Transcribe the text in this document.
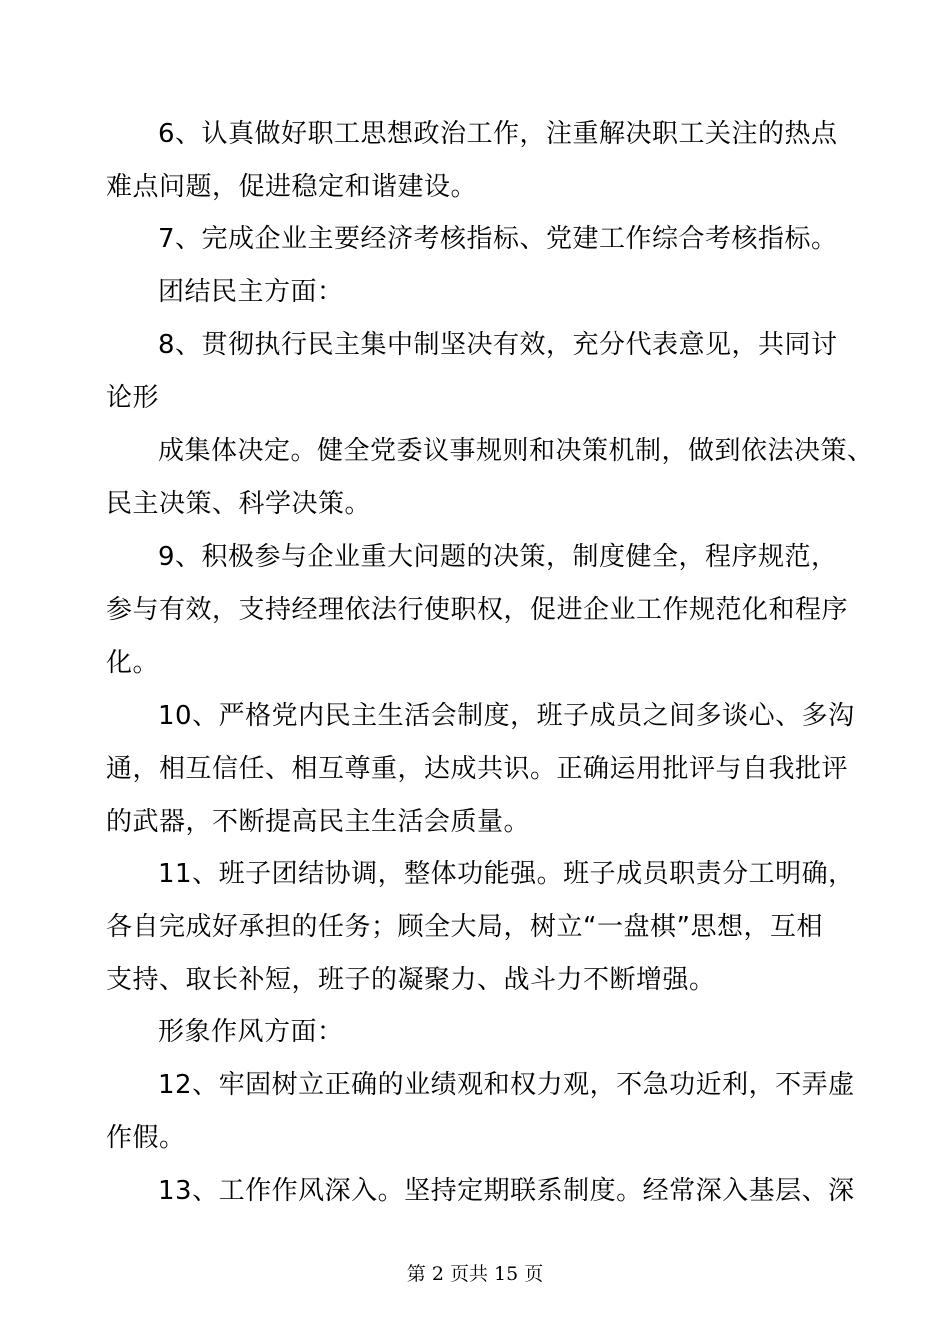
6、认真做好职工思想政治工作，注重解决职工关注的热点
难点问题，促进稳定和谐建设。
7、完成企业主要经济考核指标、党建工作综合考核指标。
团结民主方面：
8、贯彻执行民主集中制坚决有效，充分代表意见，共同讨
论形
成集体决定。健全党委议事规则和决策机制，做到依法决策、
民主决策、科学决策。
9、积极参与企业重大问题的决策，制度健全，程序规范，
参与有效，支持经理依法行使职权，促进企业工作规范化和程序
化。
10、严格党内民主生活会制度，班子成员之间多谈心、多沟
通，相互信任、相互尊重，达成共识。正确运用批评与自我批评
的武器，不断提高民主生活会质量。
11、班子团结协调，整体功能强。班子成员职责分工明确，
各自完成好承担的任务；顾全大局，树立“一盘棋”思想，互相
支持、取长补短，班子的凝聚力、战斗力不断增强。
形象作风方面：
12、牢固树立正确的业绩观和权力观，不急功近利，不弄虚
作假。
13、工作作风深入。坚持定期联系制度。经常深入基层、深
第 2 页共 15 页
